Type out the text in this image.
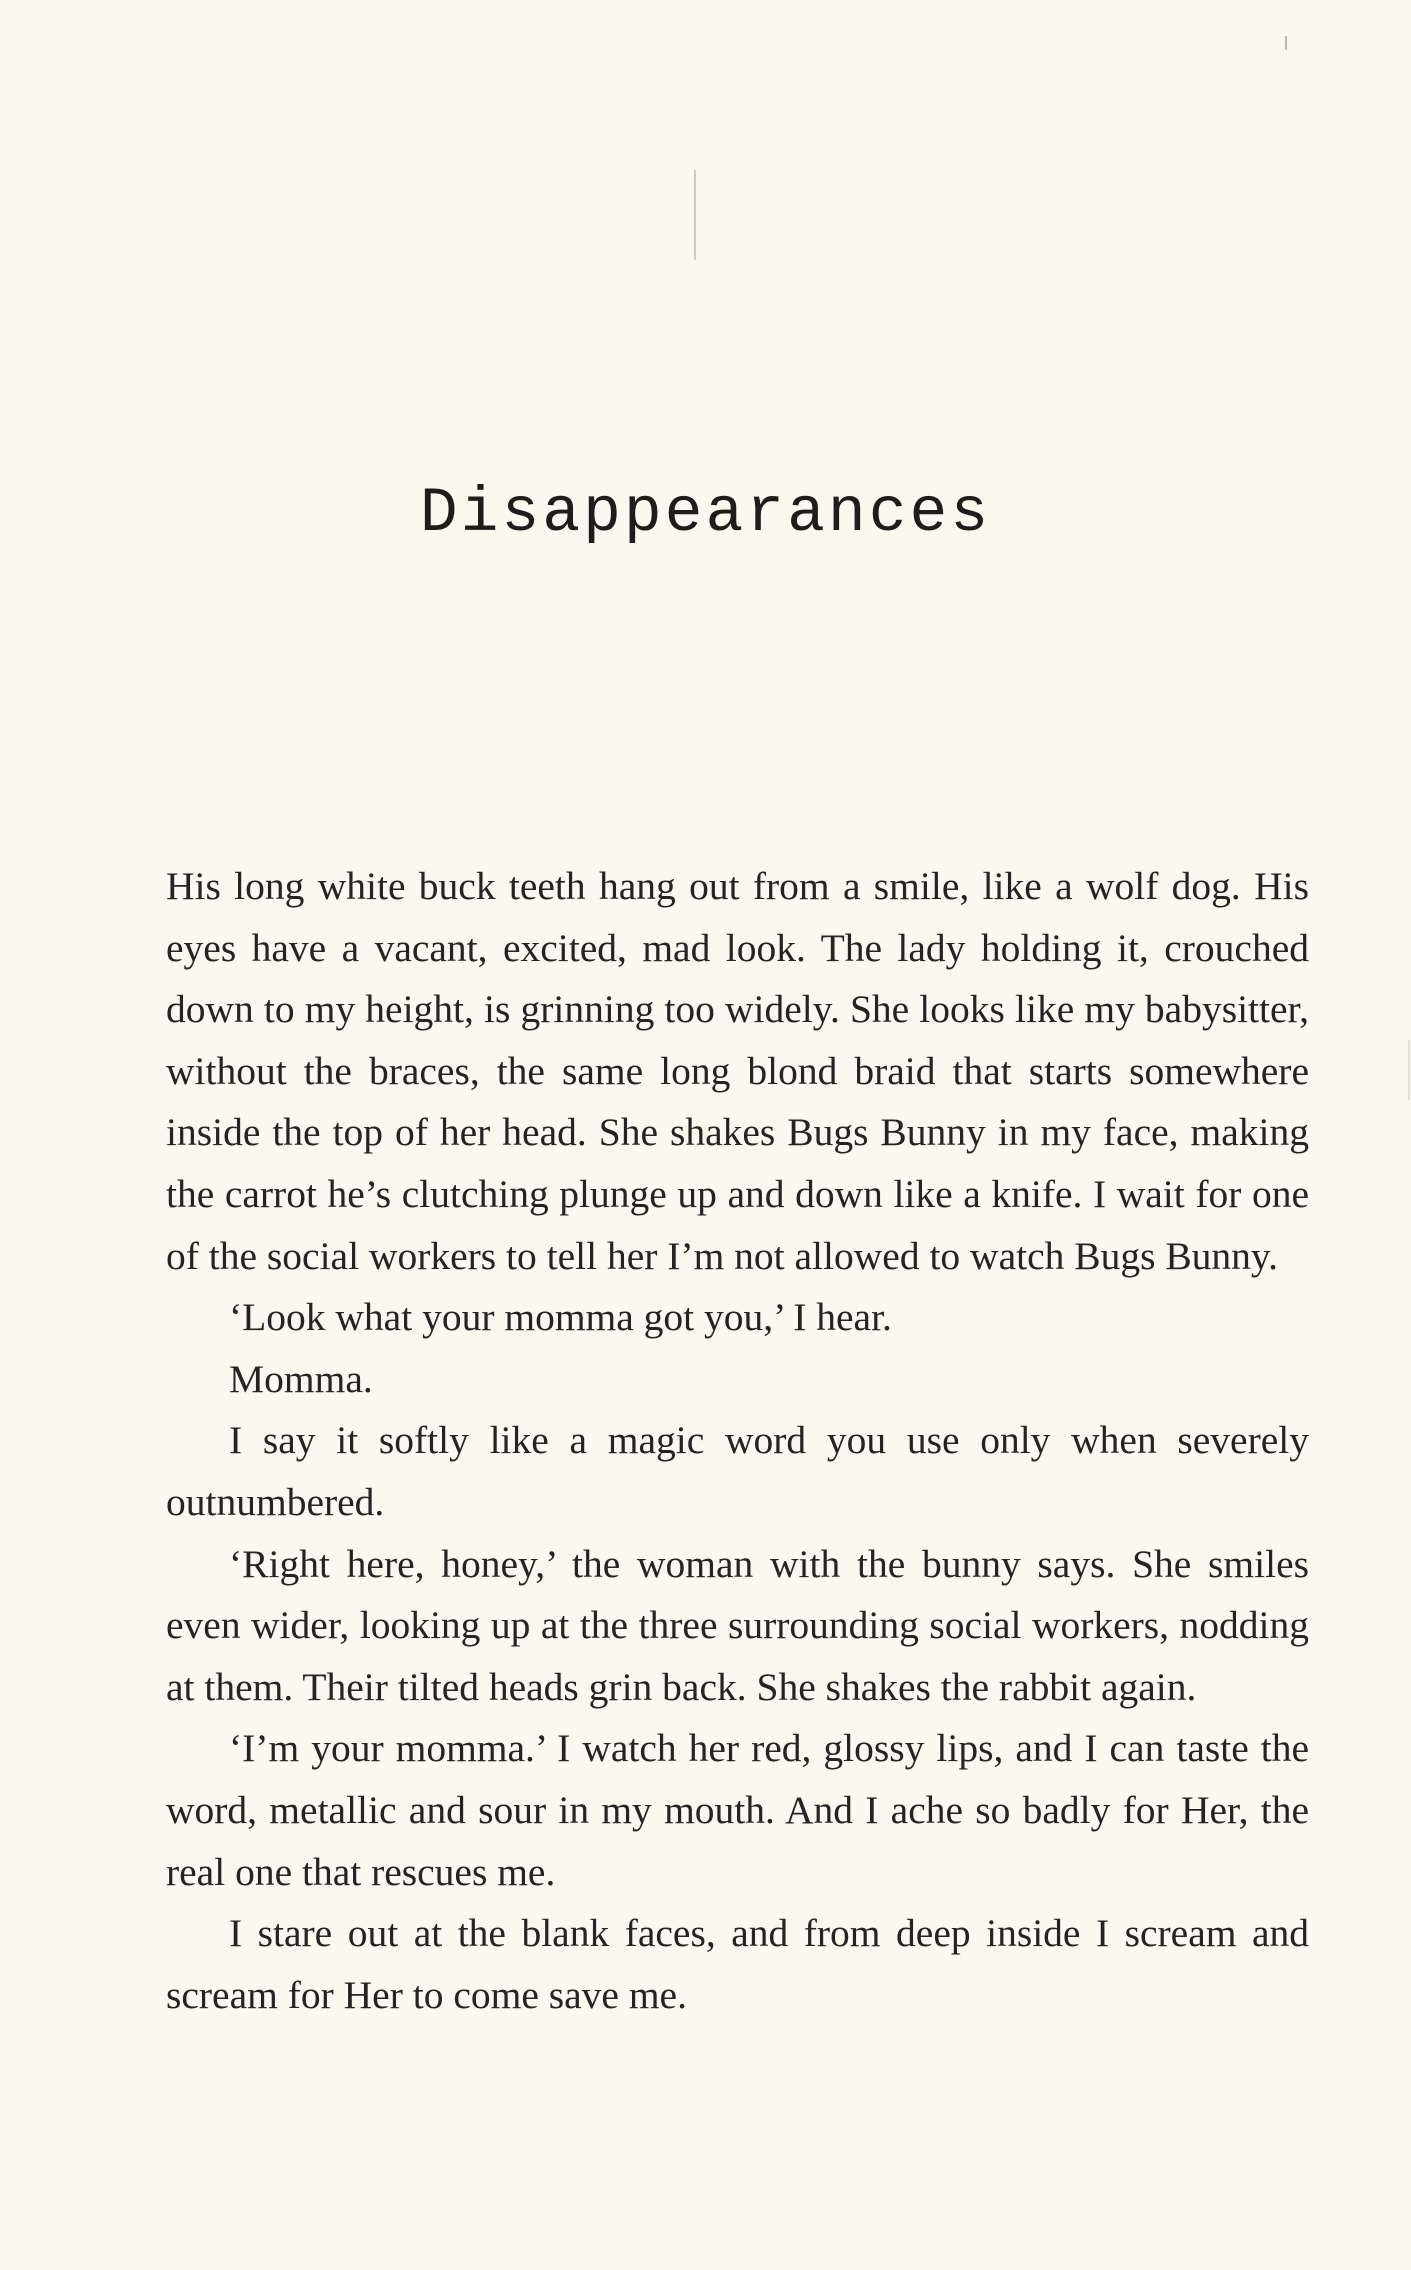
Disappearances

His long white buck teeth hang out from a smile, like a wolf dog. His eyes have a vacant, excited, mad look. The lady holding it, crouched down to my height, is grinning too widely. She looks like my babysitter, without the braces, the same long blond braid that starts somewhere inside the top of her head. She shakes Bugs Bunny in my face, making the carrot he’s clutching plunge up and down like a knife. I wait for one of the social workers to tell her I’m not allowed to watch Bugs Bunny.

‘Look what your momma got you,’ I hear.

Momma.

I say it softly like a magic word you use only when severely outnumbered.

‘Right here, honey,’ the woman with the bunny says. She smiles even wider, looking up at the three surrounding social workers, nodding at them. Their tilted heads grin back. She shakes the rabbit again.

‘I’m your momma.’ I watch her red, glossy lips, and I can taste the word, metallic and sour in my mouth. And I ache so badly for Her, the real one that rescues me.

I stare out at the blank faces, and from deep inside I scream and scream for Her to come save me.
